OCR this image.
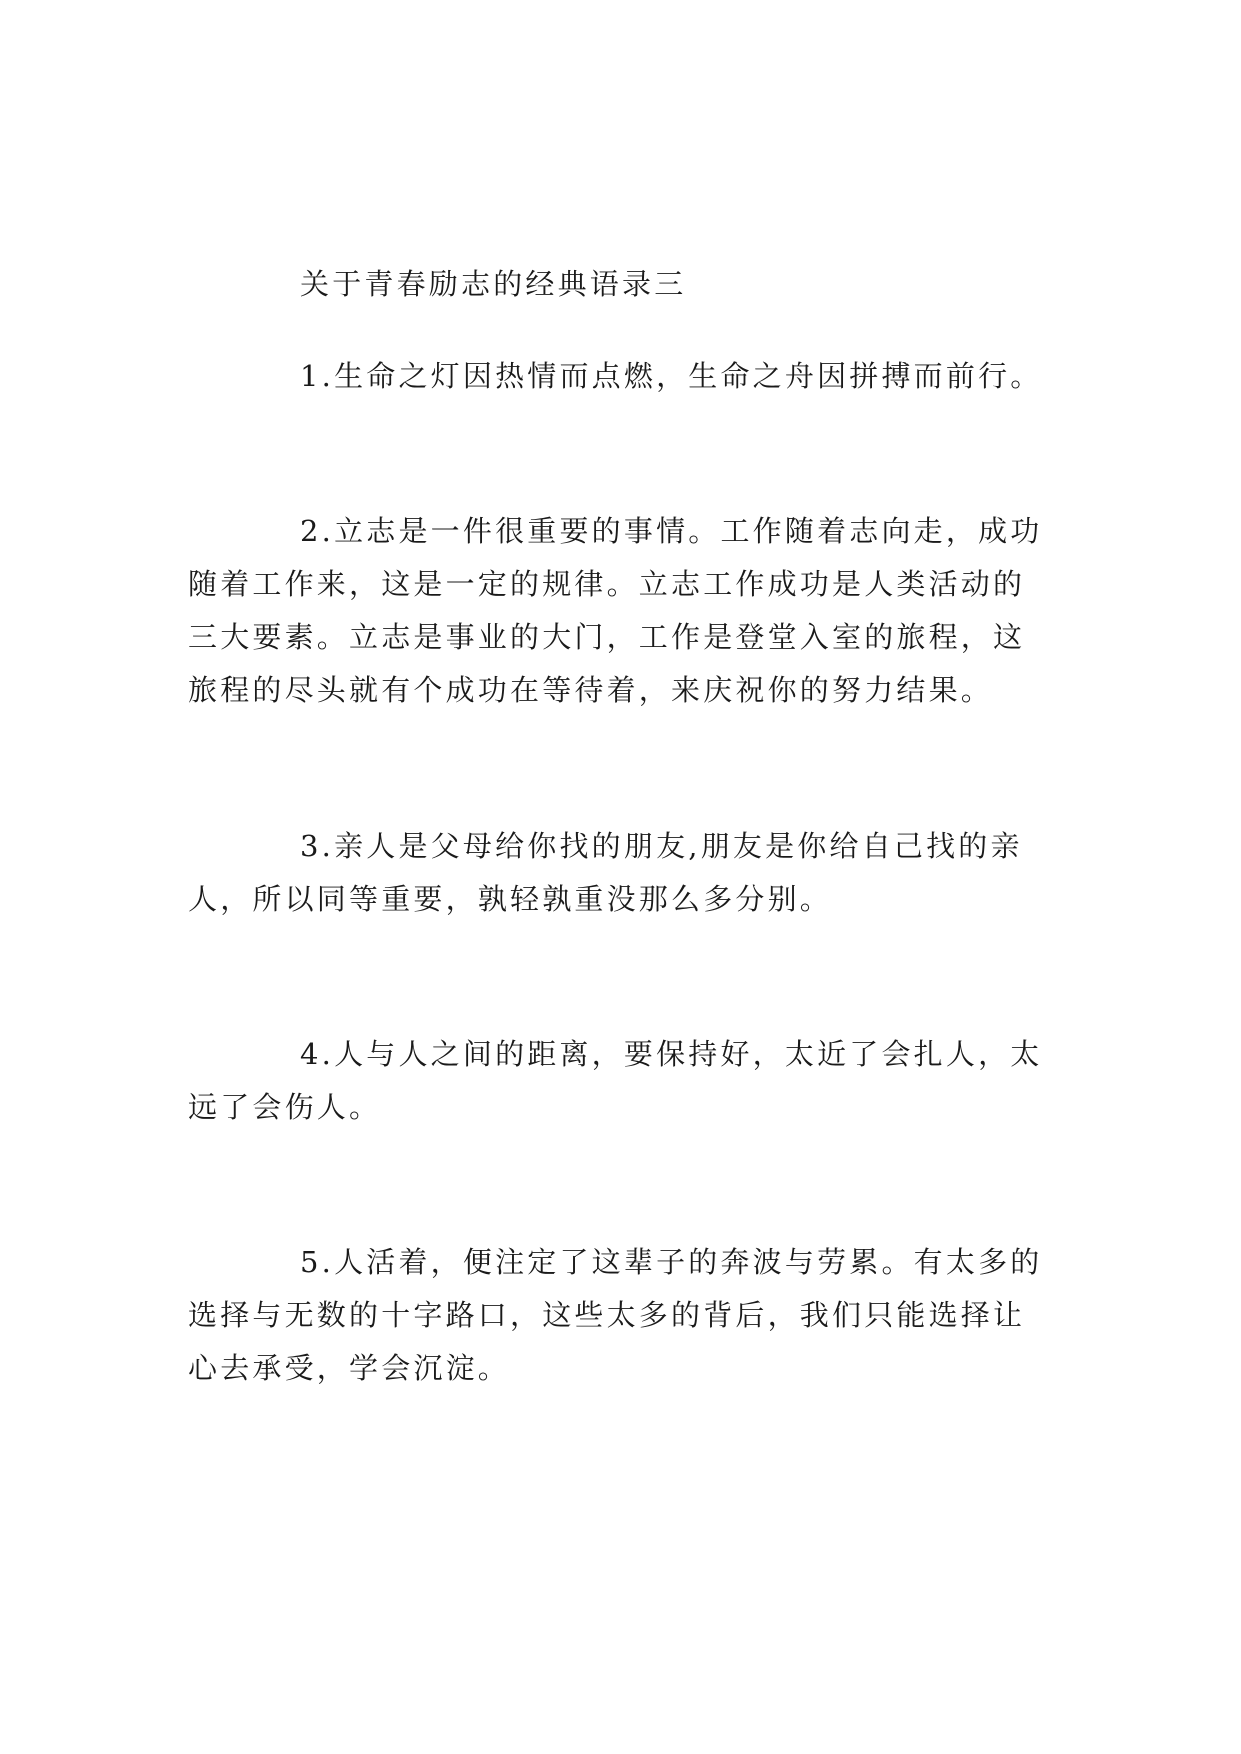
关于青春励志的经典语录三
1.生命之灯因热情而点燃，生命之舟因拼搏而前行。
2.立志是一件很重要的事情。工作随着志向走，成功
随着工作来，这是一定的规律。立志工作成功是人类活动的
三大要素。立志是事业的大门，工作是登堂入室的旅程，这
旅程的尽头就有个成功在等待着，来庆祝你的努力结果。
3.亲人是父母给你找的朋友,朋友是你给自己找的亲
人，所以同等重要，孰轻孰重没那么多分别。
4.人与人之间的距离，要保持好，太近了会扎人，太
远了会伤人。
5.人活着，便注定了这辈子的奔波与劳累。有太多的
选择与无数的十字路口，这些太多的背后，我们只能选择让
心去承受，学会沉淀。
